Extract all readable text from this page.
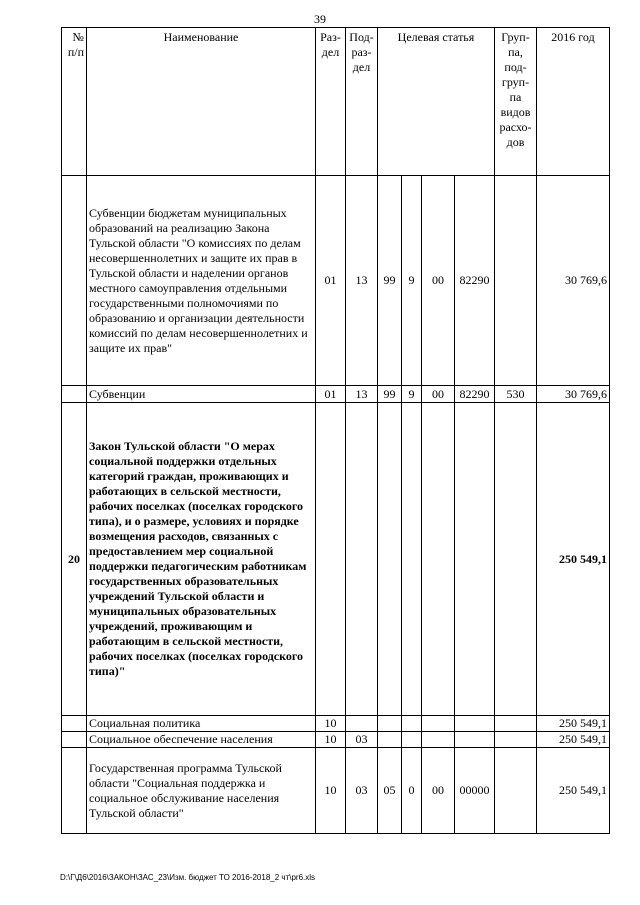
39
№ п/п	Наименование	Раз-дел	Под-раз-дел	Целевая статья				Груп-па, под-груп-па видов расхо-дов	2016 год
	Субвенции бюджетам муниципальных образований на реализацию Закона Тульской области "О комиссиях по делам несовершеннолетних и защите их прав в Тульской области и наделении органов местного самоуправления отдельными государственными полномочиями по образованию и организации деятельности комиссий по делам несовершеннолетних и защите их прав"	01	13	99	9	00	82290		30 769,6
	Субвенции	01	13	99	9	00	82290	530	30 769,6
20	Закон Тульской области "О мерах социальной поддержки отдельных категорий граждан, проживающих и работающих в сельской местности, рабочих поселках (поселках городского типа), и о размере, условиях и порядке возмещения расходов, связанных с предоставлением мер социальной поддержки педагогическим работникам государственных образовательных учреждений Тульской области и муниципальных образовательных учреждений, проживающим и работающим в сельской местности, рабочих поселках (поселках городского типа)"								250 549,1
	Социальная политика	10							250 549,1
	Социальное обеспечение населения	10	03						250 549,1
	Государственная программа Тульской области "Социальная поддержка и социальное обслуживание населения Тульской области"	10	03	05	0	00	00000		250 549,1
D:\Г\Д6\2016\ЗАКОН\ЗАС_23\Изм. бюджет ТО 2016-2018_2 чт\pr6.xls
